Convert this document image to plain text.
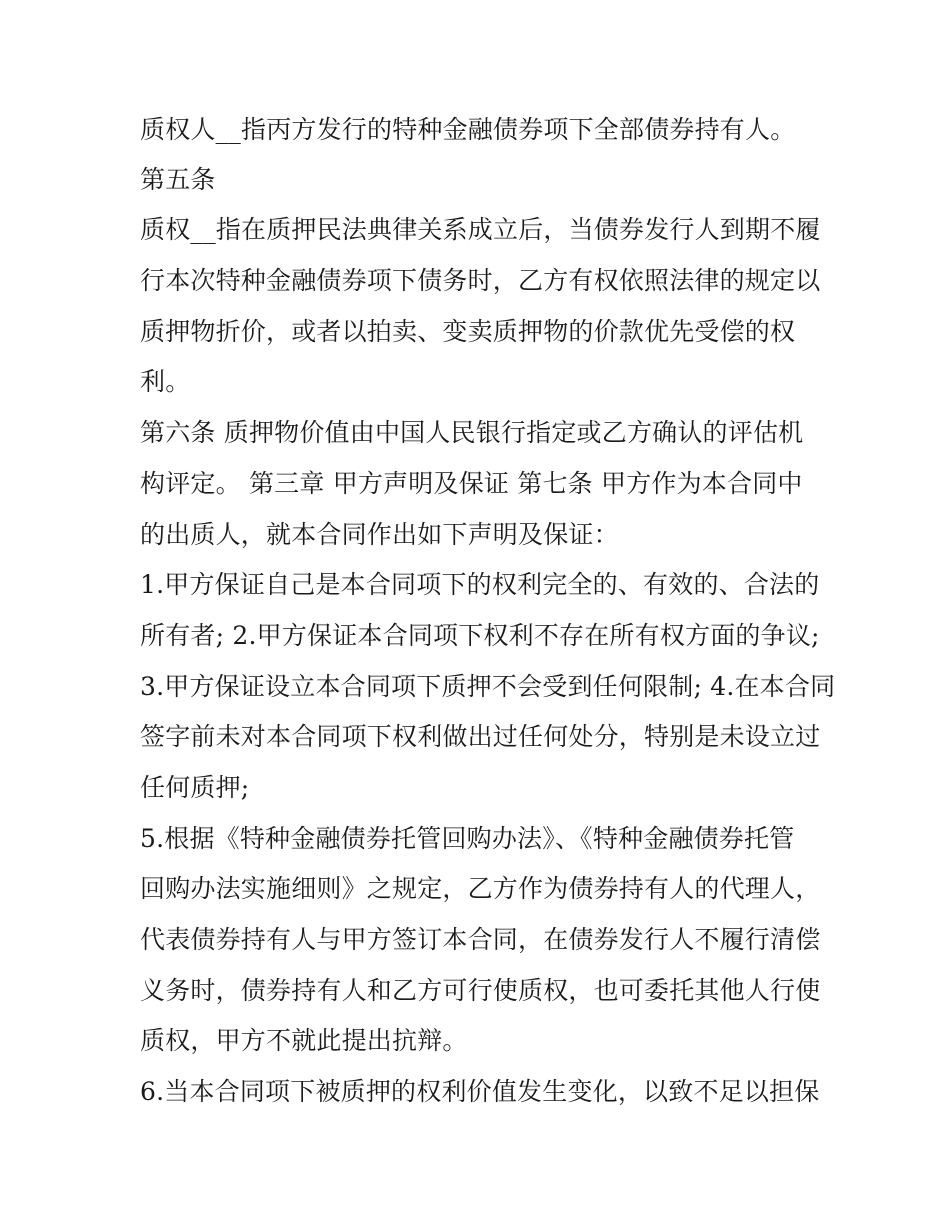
质权人__指丙方发行的特种金融债券项下全部债券持有人。
第五条
质权__指在质押民法典律关系成立后，当债券发行人到期不履
行本次特种金融债券项下债务时，乙方有权依照法律的规定以
质押物折价，或者以拍卖、变卖质押物的价款优先受偿的权
利。
第六条 质押物价值由中国人民银行指定或乙方确认的评估机
构评定。 第三章 甲方声明及保证 第七条 甲方作为本合同中
的出质人，就本合同作出如下声明及保证：
1.甲方保证自己是本合同项下的权利完全的、有效的、合法的
所有者; 2.甲方保证本合同项下权利不存在所有权方面的争议;
3.甲方保证设立本合同项下质押不会受到任何限制; 4.在本合同
签字前未对本合同项下权利做出过任何处分，特别是未设立过
任何质押;
5.根据《特种金融债券托管回购办法》、《特种金融债券托管
回购办法实施细则》之规定，乙方作为债券持有人的代理人，
代表债券持有人与甲方签订本合同，在债券发行人不履行清偿
义务时，债券持有人和乙方可行使质权，也可委托其他人行使
质权，甲方不就此提出抗辩。
6.当本合同项下被质押的权利价值发生变化，以致不足以担保
